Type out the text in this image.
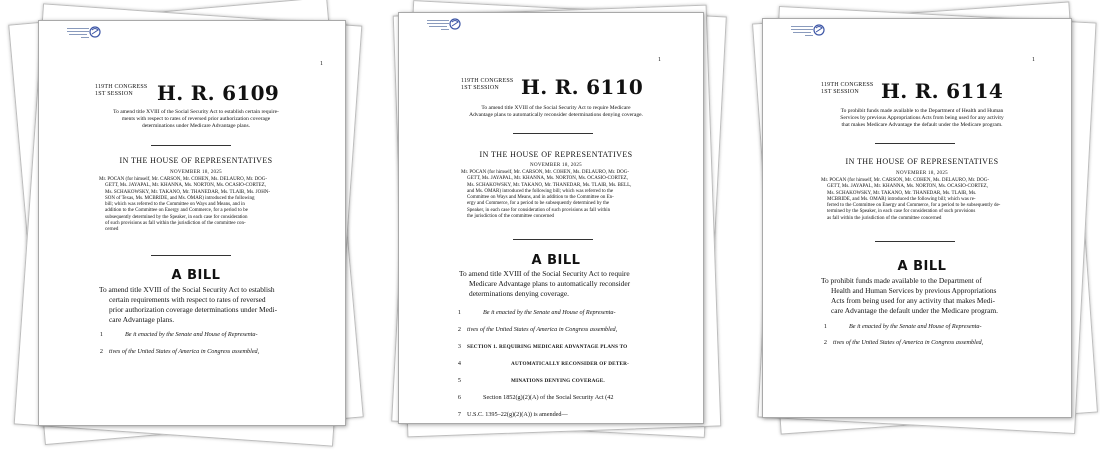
1
119TH CONGRESS
1ST SESSION	H. R. 6109
To amend title XVIII of the Social Security Act to establish certain require-
ments with respect to rates of reversed prior authorization coverage
determinations under Medicare Advantage plans.
IN THE HOUSE OF REPRESENTATIVES
NOVEMBER 18, 2025
Mr. POCAN (for himself, Mr. CARSON, Mr. COHEN, Ms. DELAURO, Mr. DOG-
GETT, Ms. JAYAPAL, Mr. KHANNA, Ms. NORTON, Ms. OCASIO-CORTEZ,
Ms. SCHAKOWSKY, Mr. TAKANO, Mr. THANEDAR, Ms. TLAIB, Ms. JOHN-
SON of Texas, Ms. MCBRIDE, and Ms. OMAR) introduced the following
bill; which was referred to the Committee on Ways and Means, and in
addition to the Committee on Energy and Commerce, for a period to be
subsequently determined by the Speaker, in each case for consideration
of such provisions as fall within the jurisdiction of the committee con-
cerned
A BILL
To amend title XVIII of the Social Security Act to establish
certain requirements with respect to rates of reversed
prior authorization coverage determinations under Medi-
care Advantage plans.
1	Be it enacted by the Senate and House of Representa-
2 tives of the United States of America in Congress assembled,
1
119TH CONGRESS
1ST SESSION	H. R. 6110
To amend title XVIII of the Social Security Act to require Medicare
Advantage plans to automatically reconsider determinations denying coverage.
IN THE HOUSE OF REPRESENTATIVES
NOVEMBER 18, 2025
Mr. POCAN (for himself, Mr. CARSON, Mr. COHEN, Ms. DELAURO, Mr. DOG-
GETT, Ms. JAYAPAL, Mr. KHANNA, Ms. NORTON, Ms. OCASIO-CORTEZ,
Ms. SCHAKOWSKY, Mr. TAKANO, Mr. THANEDAR, Ms. TLAIB, Ms. BELL,
and Ms. OMAR) introduced the following bill; which was referred to the
Committee on Ways and Means, and in addition to the Committee on En-
ergy and Commerce, for a period to be subsequently determined by the
Speaker, in each case for consideration of such provisions as fall within
the jurisdiction of the committee concerned
A BILL
To amend title XVIII of the Social Security Act to require
Medicare Advantage plans to automatically reconsider
determinations denying coverage.
1	Be it enacted by the Senate and House of Representa-
2 tives of the United States of America in Congress assembled,
3 SECTION 1. REQUIRING MEDICARE ADVANTAGE PLANS TO
4	AUTOMATICALLY RECONSIDER OF DETER-
5	MINATIONS DENYING COVERAGE.
6	Section 1852(g)(2)(A) of the Social Security Act (42
7 U.S.C. 1395–22(g)(2)(A)) is amended—
1
119TH CONGRESS
1ST SESSION	H. R. 6114
To prohibit funds made available to the Department of Health and Human
Services by previous Appropriations Acts from being used for any activity
that makes Medicare Advantage the default under the Medicare program.
IN THE HOUSE OF REPRESENTATIVES
NOVEMBER 18, 2025
Mr. POCAN (for himself, Mr. CARSON, Mr. COHEN, Ms. DELAURO, Mr. DOG-
GETT, Ms. JAYAPAL, Mr. KHANNA, Ms. NORTON, Ms. OCASIO-CORTEZ,
Ms. SCHAKOWSKY, Mr. TAKANO, Mr. THANEDAR, Ms. TLAIB, Ms.
MCBRIDE, and Ms. OMAR) introduced the following bill; which was re-
ferred to the Committee on Energy and Commerce, for a period to be subsequently de-
termined by the Speaker, in each case for consideration of such provisions
as fall within the jurisdiction of the committee concerned
A BILL
To prohibit funds made available to the Department of
Health and Human Services by previous Appropriations
Acts from being used for any activity that makes Medi-
care Advantage the default under the Medicare program.
1	Be it enacted by the Senate and House of Representa-
2 tives of the United States of America in Congress assembled,
